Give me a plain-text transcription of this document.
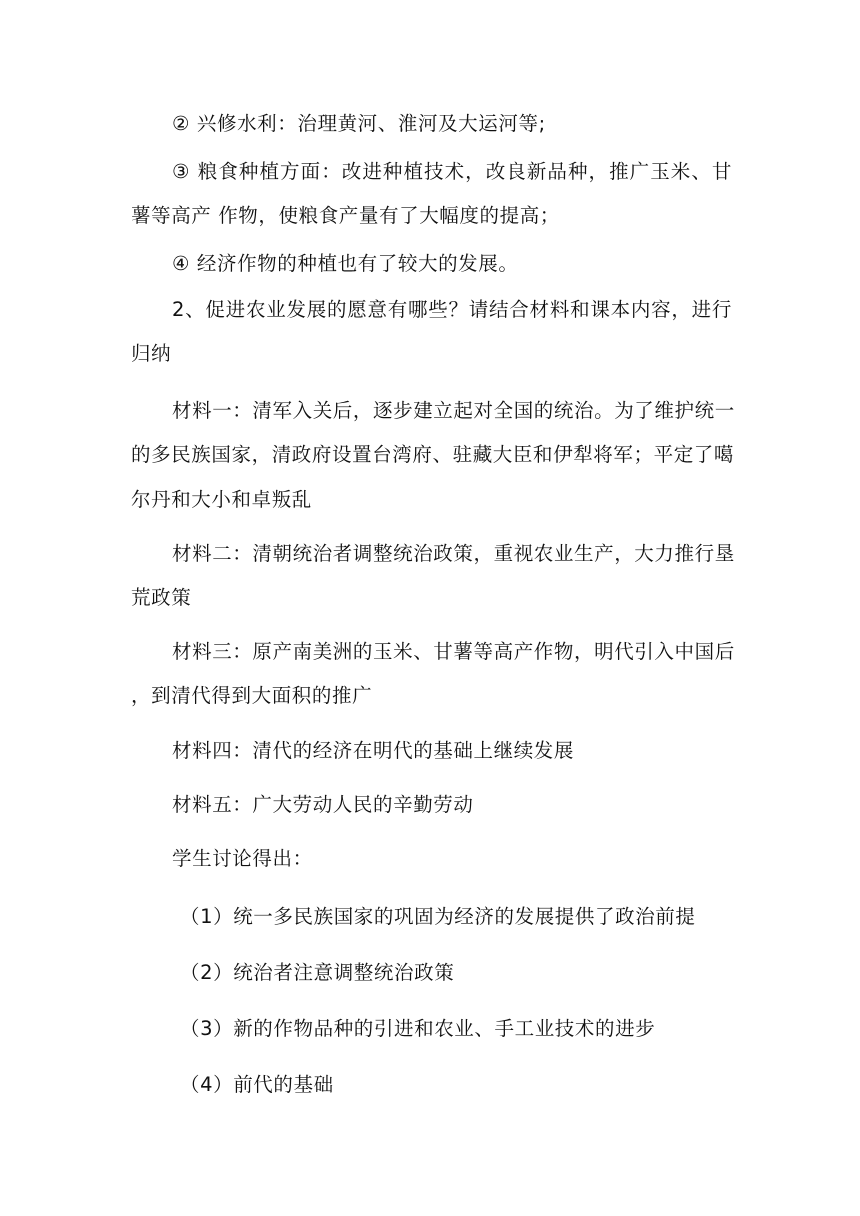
② 兴修水利：治理黄河、淮河及大运河等;
③ 粮食种植方面：改进种植技术，改良新品种，推广玉米、甘
薯等高产 作物，使粮食产量有了大幅度的提高；
④ 经济作物的种植也有了较大的发展。
2、促进农业发展的愿意有哪些？请结合材料和课本内容，进行
归纳
材料一：清军入关后，逐步建立起对全国的统治。为了维护统一
的多民族国家，清政府设置台湾府、驻藏大臣和伊犁将军；平定了噶
尔丹和大小和卓叛乱
材料二：清朝统治者调整统治政策，重视农业生产，大力推行垦
荒政策
材料三：原产南美洲的玉米、甘薯等高产作物，明代引入中国后
，到清代得到大面积的推广
材料四：清代的经济在明代的基础上继续发展
材料五：广大劳动人民的辛勤劳动
学生讨论得出：
（1）统一多民族国家的巩固为经济的发展提供了政治前提
（2）统治者注意调整统治政策
（3）新的作物品种的引进和农业、手工业技术的进步
（4）前代的基础
